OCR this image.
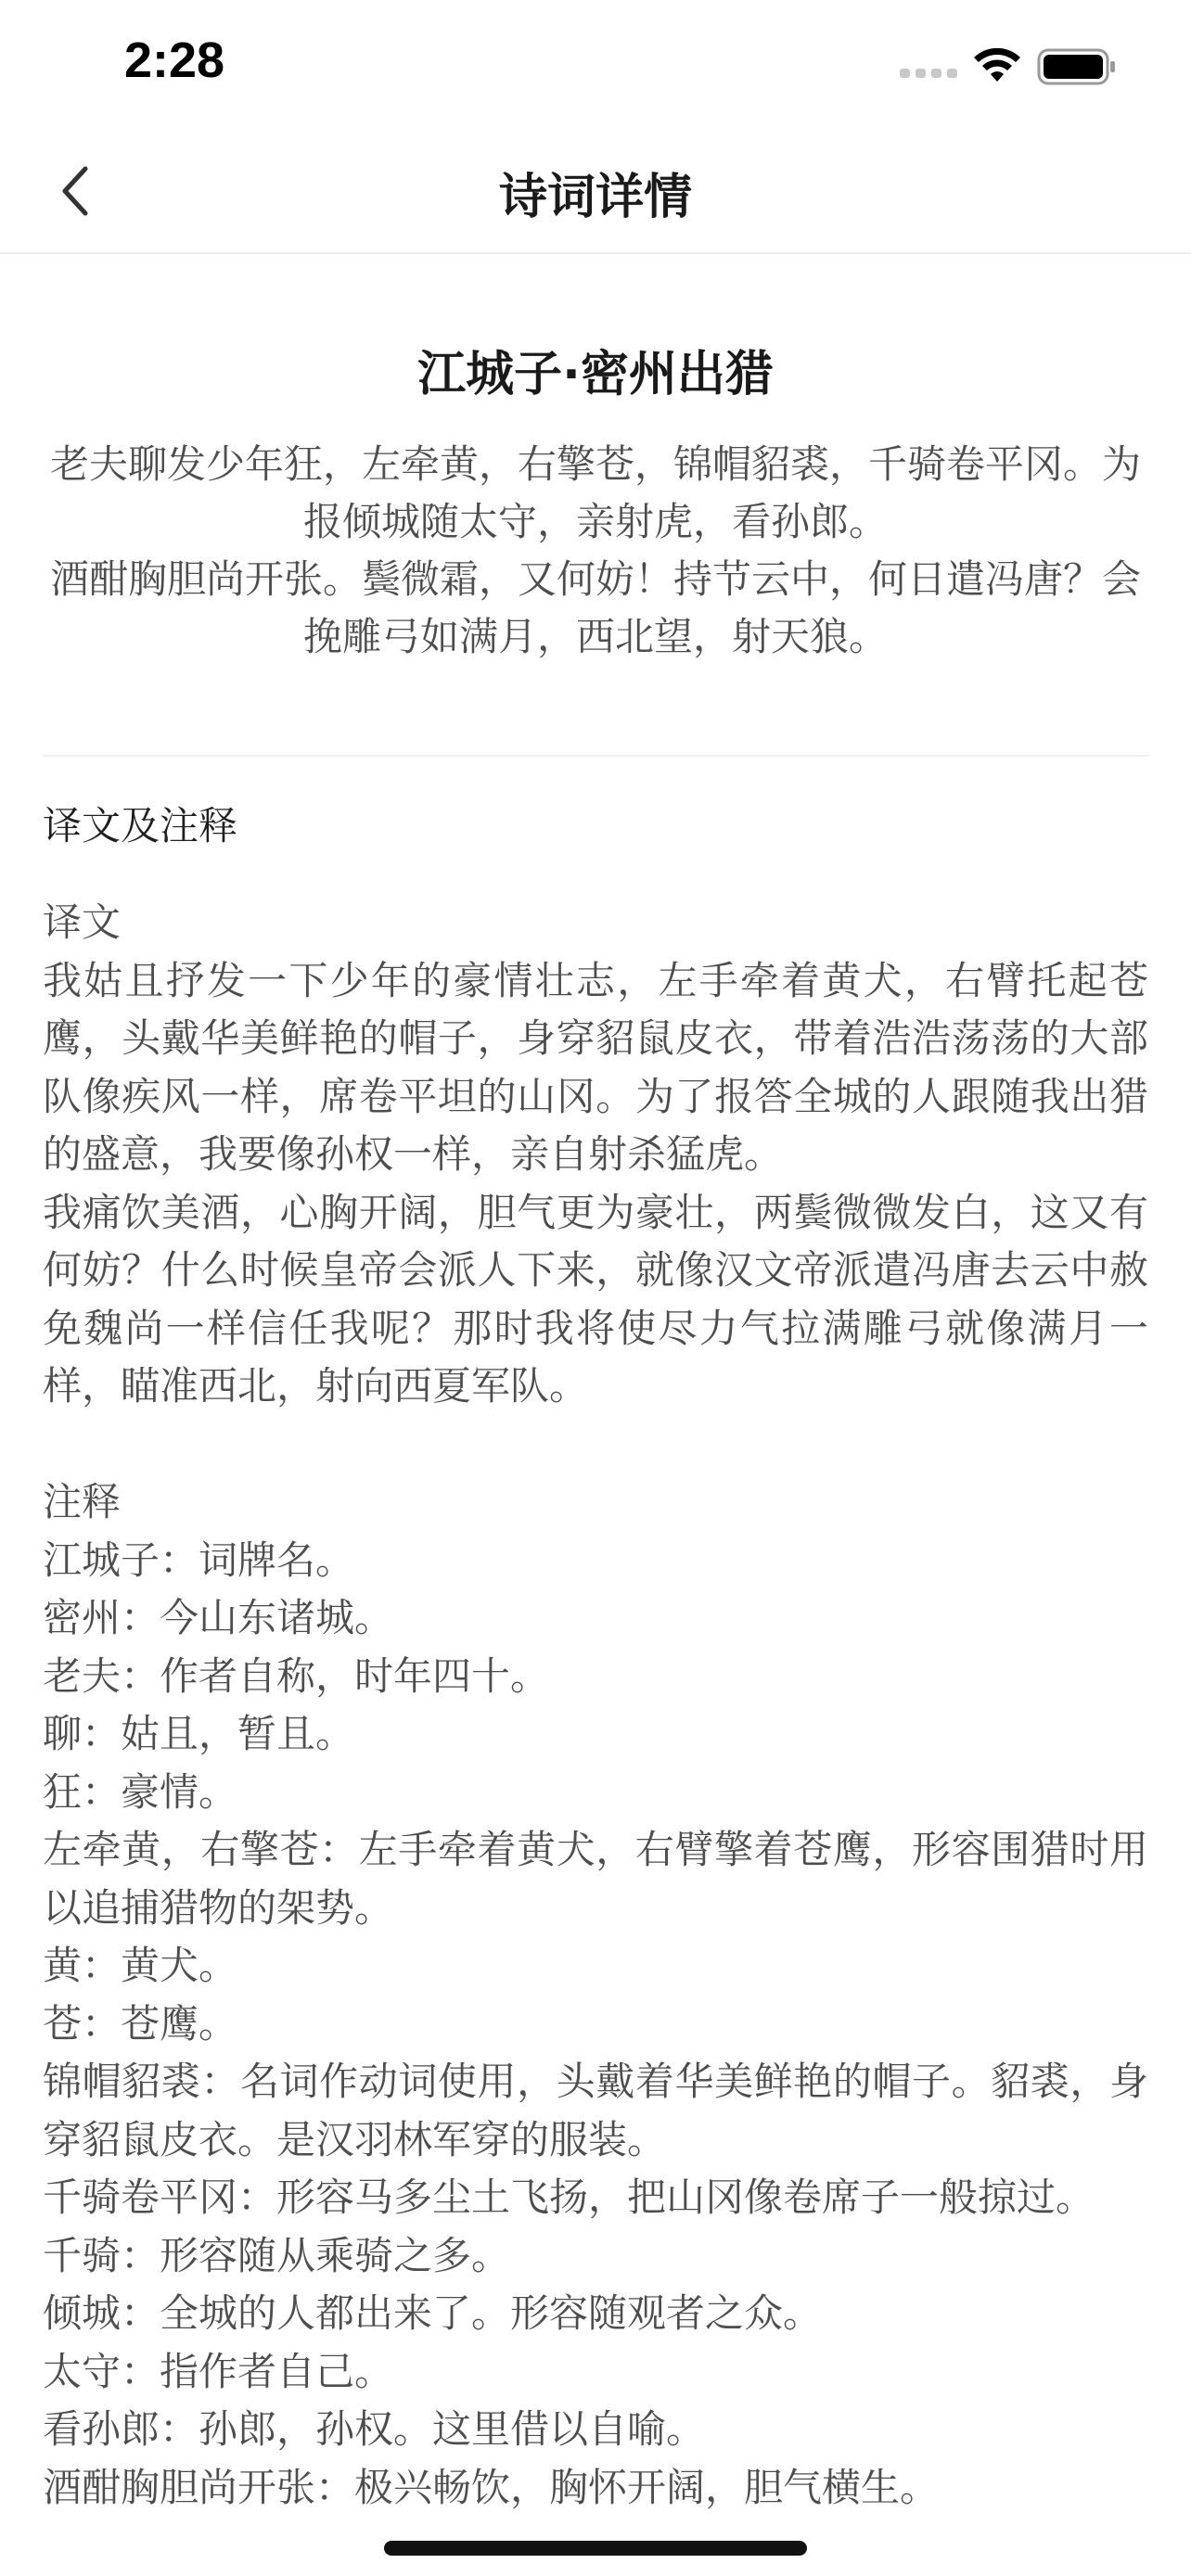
2:28
诗词详情
江城子·密州出猎

老夫聊发少年狂，左牵黄，右擎苍，锦帽貂裘，千骑卷平冈。为报倾城随太守，亲射虎，看孙郎。

酒酣胸胆尚开张。鬓微霜，又何妨！持节云中，何日遣冯唐？会挽雕弓如满月，西北望，射天狼。

译文及注释
译文
我姑且抒发一下少年的豪情壮志，左手牵着黄犬，右臂托起苍鹰，头戴华美鲜艳的帽子，身穿貂鼠皮衣，带着浩浩荡荡的大部队像疾风一样，席卷平坦的山冈。为了报答全城的人跟随我出猎的盛意，我要像孙权一样，亲自射杀猛虎。
我痛饮美酒，心胸开阔，胆气更为豪壮，两鬓微微发白，这又有何妨？什么时候皇帝会派人下来，就像汉文帝派遣冯唐去云中赦免魏尚一样信任我呢？那时我将使尽力气拉满雕弓就像满月一样，瞄准西北，射向西夏军队。
注释
江城子：词牌名。
密州：今山东诸城。
老夫：作者自称，时年四十。
聊：姑且，暂且。
狂：豪情。
左牵黄，右擎苍：左手牵着黄犬，右臂擎着苍鹰，形容围猎时用以追捕猎物的架势。
黄：黄犬。
苍：苍鹰。
锦帽貂裘：名词作动词使用，头戴着华美鲜艳的帽子。貂裘，身穿貂鼠皮衣。是汉羽林军穿的服装。
千骑卷平冈：形容马多尘土飞扬，把山冈像卷席子一般掠过。
千骑：形容随从乘骑之多。
倾城：全城的人都出来了。形容随观者之众。
太守：指作者自己。
看孙郎：孙郎，孙权。这里借以自喻。
酒酣胸胆尚开张：极兴畅饮，胸怀开阔，胆气横生。
